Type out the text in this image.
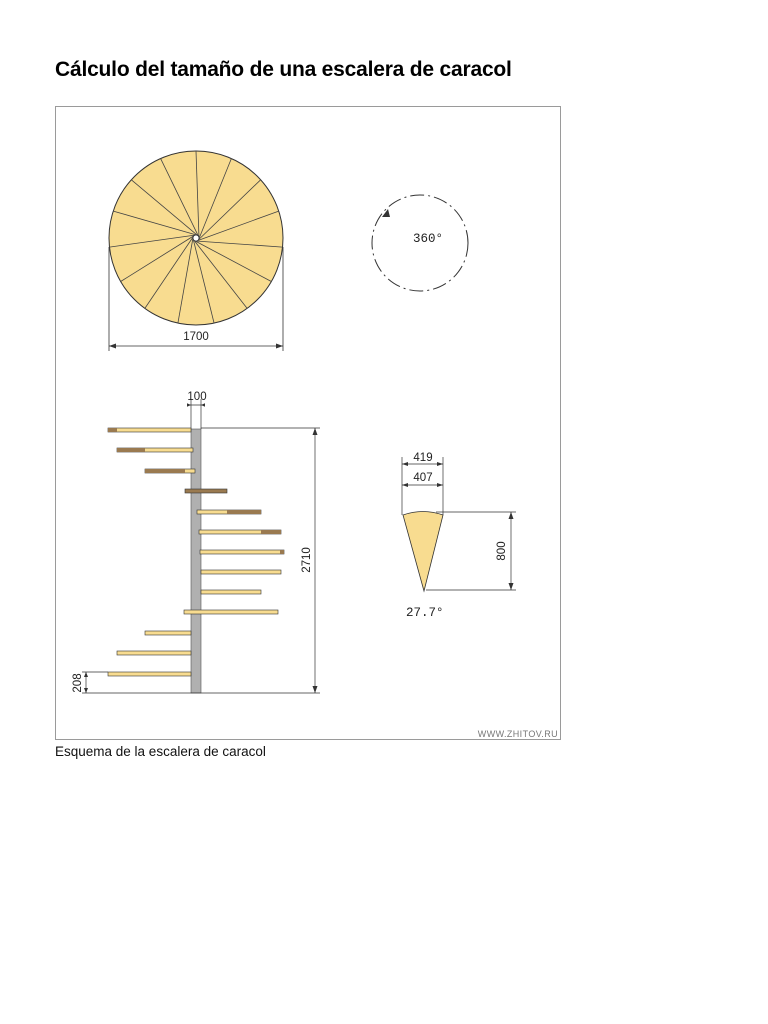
Cálculo del tamaño de una escalera de caracol
1700
360°
100
2710
208
419
407
800
27.7°
WWW.ZHITOV.RU

Esquema de la escalera de caracol
